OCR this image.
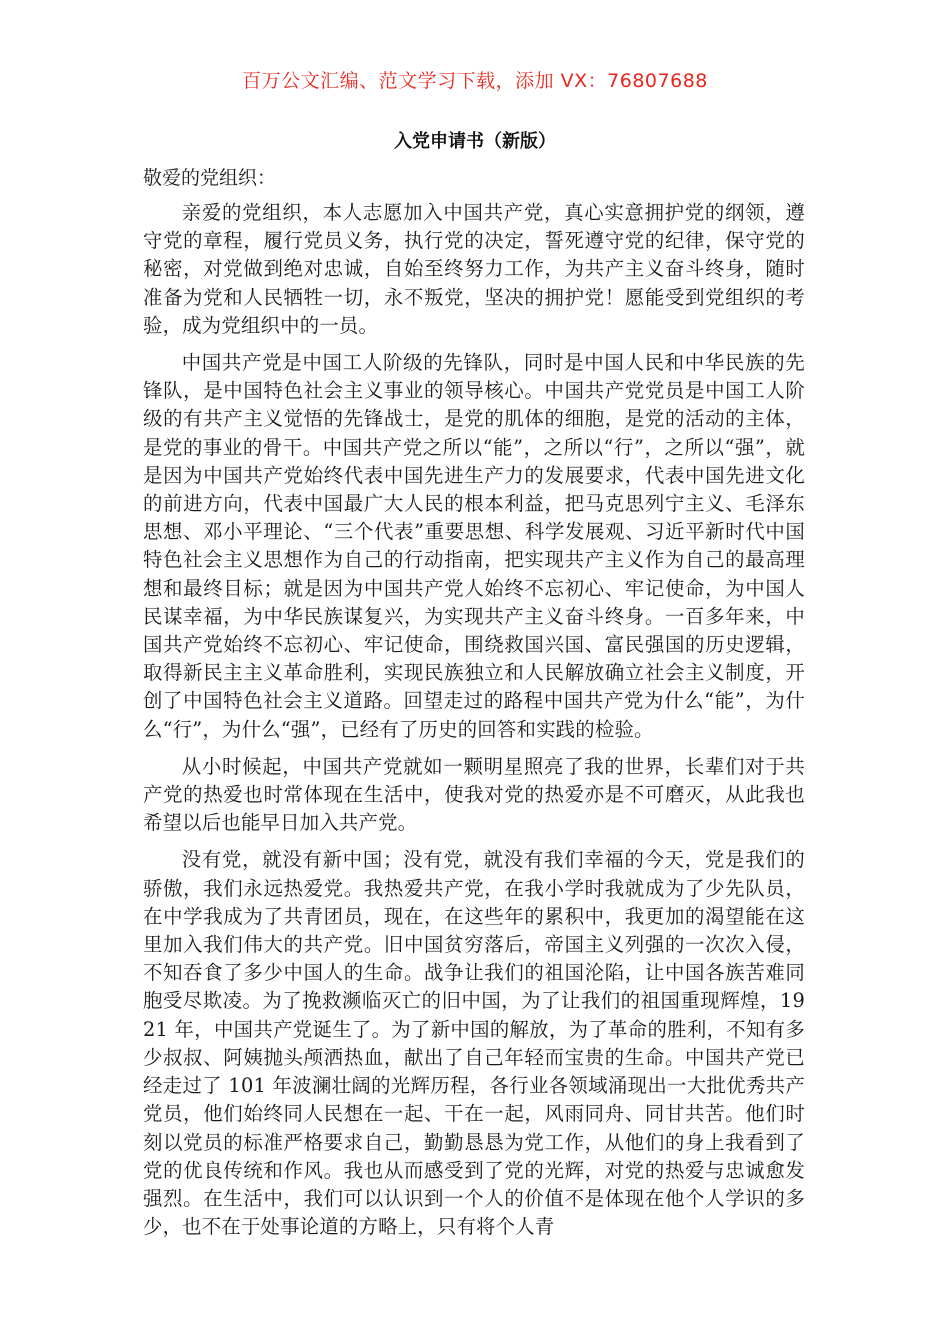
百万公文汇编、范文学习下载，添加 VX：76807688
入党申请书（新版）
敬爱的党组织：

亲爱的党组织，本人志愿加入中国共产党，真心实意拥护党的纲领，遵守党的章程，履行党员义务，执行党的决定，誓死遵守党的纪律，保守党的秘密，对党做到绝对忠诚，自始至终努力工作，为共产主义奋斗终身，随时准备为党和人民牺牲一切，永不叛党，坚决的拥护党！愿能受到党组织的考验，成为党组织中的一员。

中国共产党是中国工人阶级的先锋队，同时是中国人民和中华民族的先锋队，是中国特色社会主义事业的领导核心。中国共产党党员是中国工人阶级的有共产主义觉悟的先锋战士，是党的肌体的细胞，是党的活动的主体，是党的事业的骨干。中国共产党之所以“能”，之所以“行”，之所以“强”，就是因为中国共产党始终代表中国先进生产力的发展要求，代表中国先进文化的前进方向，代表中国最广大人民的根本利益，把马克思列宁主义、毛泽东思想、邓小平理论、“三个代表”重要思想、科学发展观、习近平新时代中国特色社会主义思想作为自己的行动指南，把实现共产主义作为自己的最高理想和最终目标；就是因为中国共产党人始终不忘初心、牢记使命，为中国人民谋幸福，为中华民族谋复兴，为实现共产主义奋斗终身。一百多年来，中国共产党始终不忘初心、牢记使命，围绕救国兴国、富民强国的历史逻辑，取得新民主主义革命胜利，实现民族独立和人民解放确立社会主义制度，开创了中国特色社会主义道路。回望走过的路程中国共产党为什么“能”，为什么“行”，为什么“强”，已经有了历史的回答和实践的检验。

从小时候起，中国共产党就如一颗明星照亮了我的世界，长辈们对于共产党的热爱也时常体现在生活中，使我对党的热爱亦是不可磨灭，从此我也希望以后也能早日加入共产党。

没有党，就没有新中国；没有党，就没有我们幸福的今天，党是我们的骄傲，我们永远热爱党。我热爱共产党，在我小学时我就成为了少先队员，在中学我成为了共青团员，现在，在这些年的累积中，我更加的渴望能在这里加入我们伟大的共产党。旧中国贫穷落后，帝国主义列强的一次次入侵，不知吞食了多少中国人的生命。战争让我们的祖国沦陷，让中国各族苦难同胞受尽欺凌。为了挽救濒临灭亡的旧中国，为了让我们的祖国重现辉煌，1921 年，中国共产党诞生了。为了新中国的解放，为了革命的胜利，不知有多少叔叔、阿姨抛头颅洒热血，献出了自己年轻而宝贵的生命。中国共产党已经走过了 101 年波澜壮阔的光辉历程，各行业各领域涌现出一大批优秀共产党员，他们始终同人民想在一起、干在一起，风雨同舟、同甘共苦。他们时刻以党员的标准严格要求自己，勤勤恳恳为党工作，从他们的身上我看到了党的优良传统和作风。我也从而感受到了党的光辉，对党的热爱与忠诚愈发强烈。在生活中，我们可以认识到一个人的价值不是体现在他个人学识的多少，也不在于处事论道的方略上，只有将个人青
